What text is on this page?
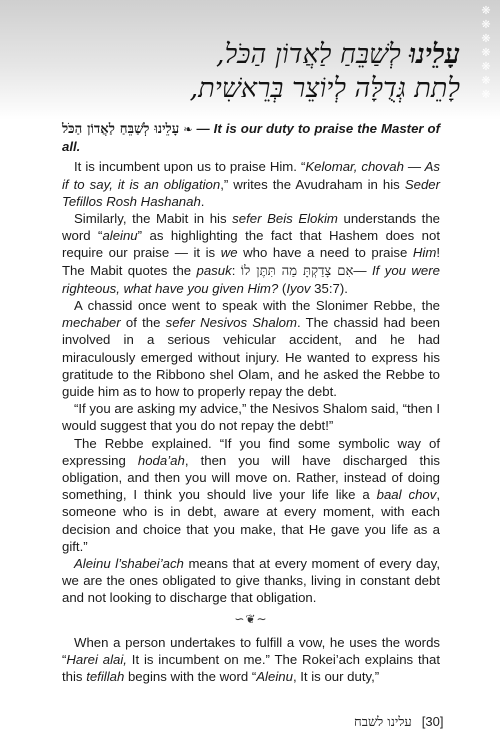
❋
❋
❋
❋
❋
❋
❋
עָלֵינוּ לְשַׁבֵּחַ לַאֲדוֹן הַכֹּל,
לָתֵת גְּדֻלָּה לְיוֹצֵר בְּרֵאשִׁית,

עָלֵינוּ לְשַׁבֵּחַ לַאֲדוֹן הַכֹּל ❧ — It is our duty to praise the Master of all.

It is incumbent upon us to praise Him. “Kelomar, chovah — As if to say, it is an obligation,” writes the Avudraham in his Seder Tefillos Rosh Hashanah.

Similarly, the Mabit in his sefer Beis Elokim understands the word “aleinu” as highlighting the fact that Hashem does not require our praise — it is we who have a need to praise Him! The Mabit quotes the pasuk: אִם צָדַקְתָּ מַה תִּתֶּן לוֹ— If you were righteous, what have you given Him? (Iyov 35:7).

A chassid once went to speak with the Slonimer Rebbe, the mechaber of the sefer Nesivos Shalom. The chassid had been involved in a serious vehicular accident, and he had miraculously emerged without injury. He wanted to express his gratitude to the Ribbono shel Olam, and he asked the Rebbe to guide him as to how to properly repay the debt.

“If you are asking my advice,” the Nesivos Shalom said, “then I would suggest that you do not repay the debt!”

The Rebbe explained. “If you find some symbolic way of expressing hoda’ah, then you will have discharged this obligation, and then you will move on. Rather, instead of doing something, I think you should live your life like a baal chov, someone who is in debt, aware at every moment, with each decision and choice that you make, that He gave you life as a gift.”

Aleinu l’shabei’ach means that at every moment of every day, we are the ones obligated to give thanks, living in constant debt and not looking to discharge that obligation.

∽❦∼

When a person undertakes to fulfill a vow, he uses the words “Harei alai, It is incumbent on me.” The Rokei’ach explains that this tefillah begins with the word “Aleinu, It is our duty,”

[30]עלינו לשבח
